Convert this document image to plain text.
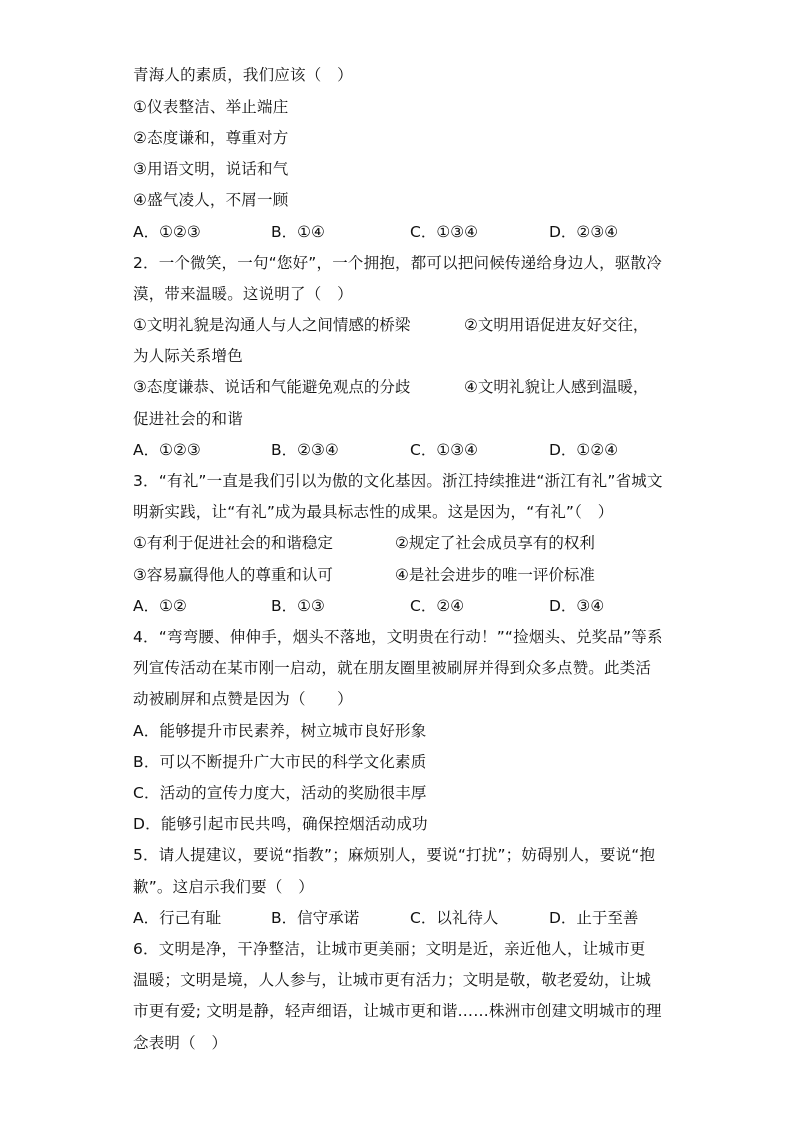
青海人的素质，我们应该（　）
①仪表整洁、举止端庄
②态度谦和，尊重对方
③用语文明，说话和气
④盛气凌人，不屑一顾
A．①②③	B．①④	C．①③④	D．②③④
2．一个微笑，一句“您好”，一个拥抱，都可以把问候传递给身边人，驱散冷
漠，带来温暖。这说明了（　）
①文明礼貌是沟通人与人之间情感的桥梁	②文明用语促进友好交往，
为人际关系增色
③态度谦恭、说话和气能避免观点的分歧	④文明礼貌让人感到温暖，
促进社会的和谐
A．①②③	B．②③④	C．①③④	D．①②④
3．“有礼”一直是我们引以为傲的文化基因。浙江持续推进“浙江有礼”省城文
明新实践，让“有礼”成为最具标志性的成果。这是因为，“有礼”（　）
①有利于促进社会的和谐稳定	②规定了社会成员享有的权利
③容易赢得他人的尊重和认可	④是社会进步的唯一评价标准
A．①②	B．①③	C．②④	D．③④
4．“弯弯腰、伸伸手，烟头不落地，文明贵在行动！”“捡烟头、兑奖品”等系
列宣传活动在某市刚一启动，就在朋友圈里被刷屏并得到众多点赞。此类活
动被刷屏和点赞是因为（　　）
A．能够提升市民素养，树立城市良好形象
B．可以不断提升广大市民的科学文化素质
C．活动的宣传力度大，活动的奖励很丰厚
D．能够引起市民共鸣，确保控烟活动成功
5．请人提建议，要说“指教”；麻烦别人，要说“打扰”；妨碍别人，要说“抱
歉”。这启示我们要（　）
A．行己有耻	B．信守承诺	C．以礼待人	D．止于至善
6．文明是净，干净整洁，让城市更美丽；文明是近，亲近他人，让城市更
温暖；文明是境，人人参与，让城市更有活力；文明是敬，敬老爱幼，让城
市更有爱; 文明是静，轻声细语，让城市更和谐……株洲市创建文明城市的理
念表明（　）
